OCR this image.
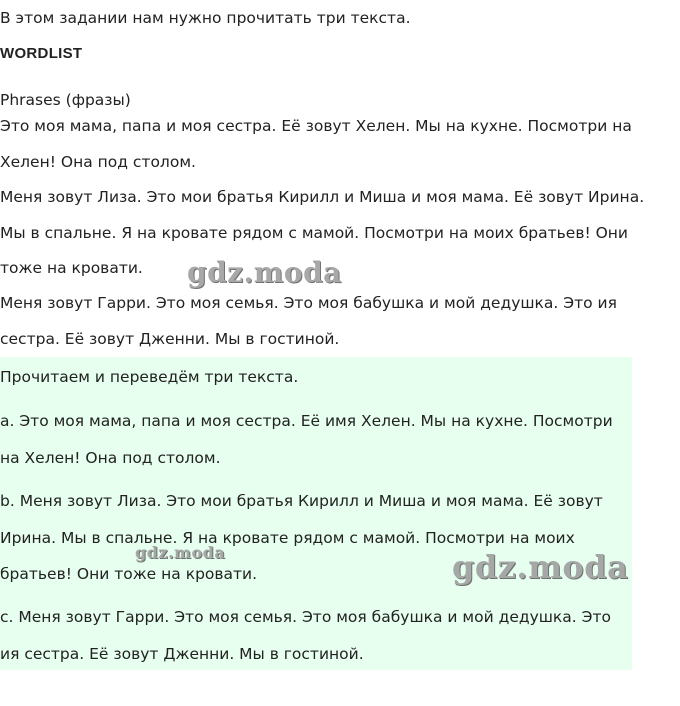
В этом задании нам нужно прочитать три текста.
WORDLIST
Phrases (фразы)
Это моя мама, папа и моя сестра. Её зовут Хелен. Мы на кухне. Посмотри на Хелен! Она под столом.
Меня зовут Лиза. Это мои братья Кирилл и Миша и моя мама. Её зовут Ирина. Мы в спальне. Я на кровате рядом с мамой. Посмотри на моих братьев! Они тоже на кровати.
Меня зовут Гарри. Это моя семья. Это моя бабушка и мой дедушка. Это ия сестра. Её зовут Дженни. Мы в гостиной.
Прочитаем и переведём три текста.
a. Это моя мама, папа и моя сестра. Её имя Хелен. Мы на кухне. Посмотри на Хелен! Она под столом.
b. Меня зовут Лиза. Это мои братья Кирилл и Миша и моя мама. Её зовут Ирина. Мы в спальне. Я на кровате рядом с мамой. Посмотри на моих братьев! Они тоже на кровати.
c. Меня зовут Гарри. Это моя семья. Это моя бабушка и мой дедушка. Это ия сестра. Её зовут Дженни. Мы в гостиной.
gdz.moda
gdz.moda	gdz.moda
